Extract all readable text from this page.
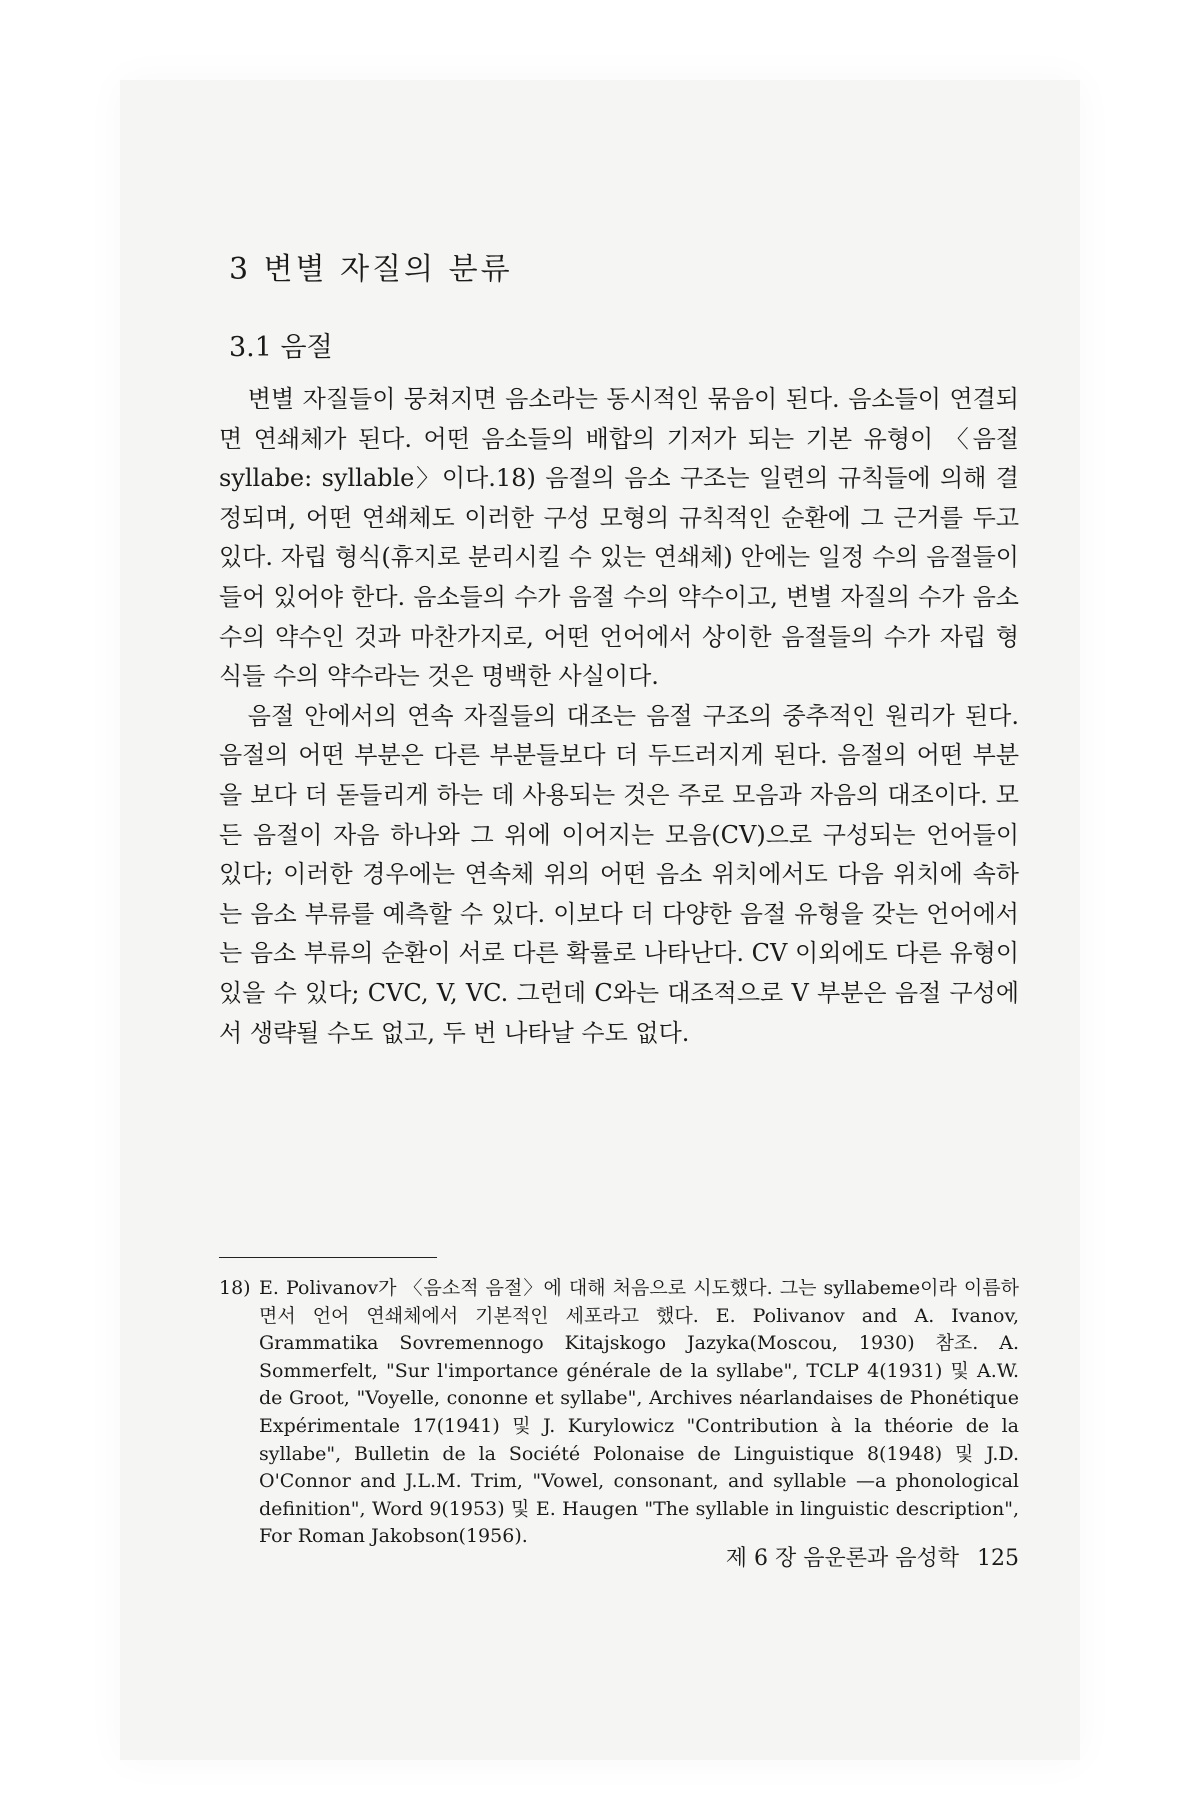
3 변별 자질의 분류
3.1 음절

변별 자질들이 뭉쳐지면 음소라는 동시적인 묶음이 된다. 음소들이 연결되면 연쇄체가 된다. 어떤 음소들의 배합의 기저가 되는 기본 유형이 〈음절 syllabe: syllable〉이다.18) 음절의 음소 구조는 일련의 규칙들에 의해 결정되며, 어떤 연쇄체도 이러한 구성 모형의 규칙적인 순환에 그 근거를 두고 있다. 자립 형식(휴지로 분리시킬 수 있는 연쇄체) 안에는 일정 수의 음절들이 들어 있어야 한다. 음소들의 수가 음절 수의 약수이고, 변별 자질의 수가 음소 수의 약수인 것과 마찬가지로, 어떤 언어에서 상이한 음절들의 수가 자립 형식들 수의 약수라는 것은 명백한 사실이다.

음절 안에서의 연속 자질들의 대조는 음절 구조의 중추적인 원리가 된다. 음절의 어떤 부분은 다른 부분들보다 더 두드러지게 된다. 음절의 어떤 부분을 보다 더 돋들리게 하는 데 사용되는 것은 주로 모음과 자음의 대조이다. 모든 음절이 자음 하나와 그 위에 이어지는 모음(CV)으로 구성되는 언어들이 있다; 이러한 경우에는 연속체 위의 어떤 음소 위치에서도 다음 위치에 속하는 음소 부류를 예측할 수 있다. 이보다 더 다양한 음절 유형을 갖는 언어에서는 음소 부류의 순환이 서로 다른 확률로 나타난다. CV 이외에도 다른 유형이 있을 수 있다; CVC, V, VC. 그런데 C와는 대조적으로 V 부분은 음절 구성에서 생략될 수도 없고, 두 번 나타날 수도 없다.

18) E. Polivanov가 〈음소적 음절〉에 대해 처음으로 시도했다. 그는 syllabeme이라 이름하면서 언어 연쇄체에서 기본적인 세포라고 했다. E. Polivanov and A. Ivanov, Grammatika Sovremennogo Kitajskogo Jazyka(Moscou, 1930) 참조. A. Sommerfelt, "Sur l'importance générale de la syllabe", TCLP 4(1931) 및 A.W. de Groot, "Voyelle, cononne et syllabe", Archives néarlandaises de Phonétique Expérimentale 17(1941) 및 J. Kurylowicz "Contribution à la théorie de la syllabe", Bulletin de la Société Polonaise de Linguistique 8(1948) 및 J.D. O'Connor and J.L.M. Trim, "Vowel, consonant, and syllable —a phonological definition", Word 9(1953) 및 E. Haugen "The syllable in linguistic description", For Roman Jakobson(1956).

제 6 장 음운론과 음성학 125
